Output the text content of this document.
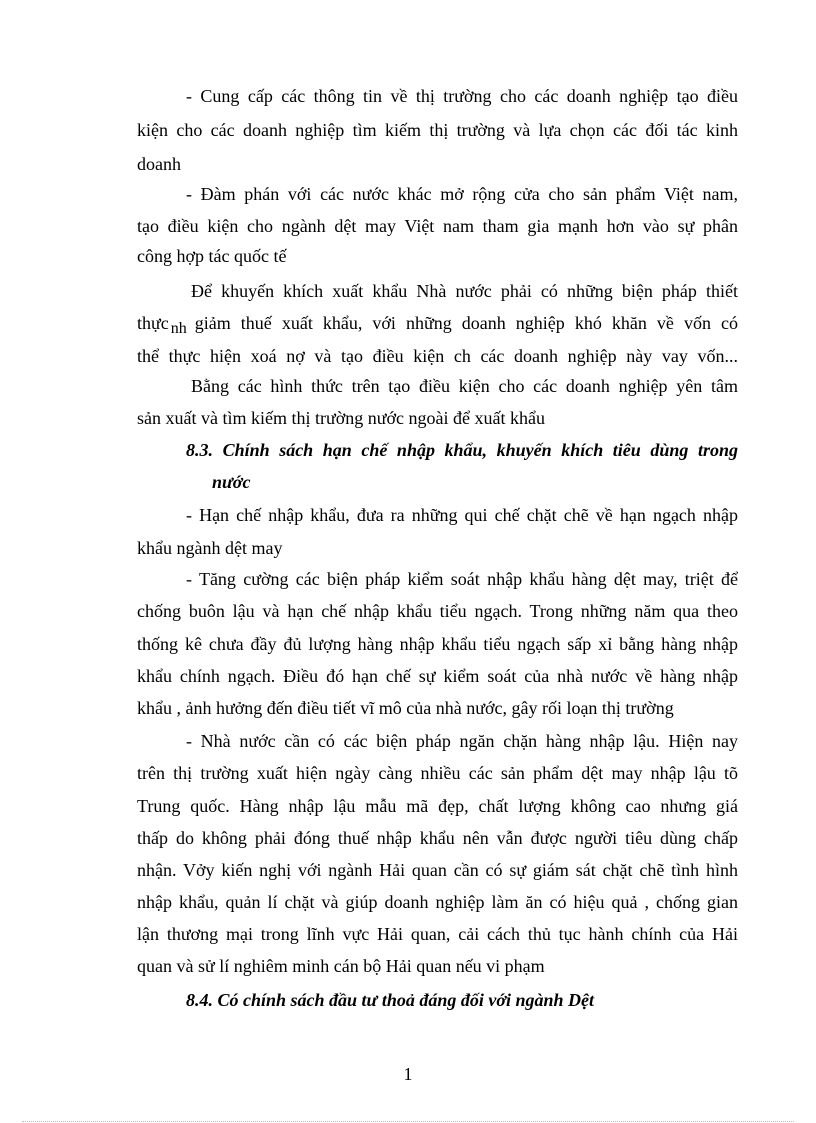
- Cung cấp các thông tin về thị trường cho các doanh nghiệp tạo điều
kiện cho các doanh nghiệp tìm kiếm thị trường và lựa chọn các đối tác kinh
doanh
- Đàm phán với các nước khác mở rộng cửa cho sản phẩm Việt nam,
tạo điều kiện cho ngành dệt may Việt nam tham gia mạnh hơn vào sự phân
công hợp tác quốc tế
Để khuyến khích xuất khẩu Nhà nước phải có những biện pháp thiết
thực nh giảm thuế xuất khẩu, với những doanh nghiệp khó khăn về vốn có
thể thực hiện xoá nợ và tạo điều kiện ch các doanh nghiệp này vay vốn...
Bằng các hình thức trên tạo điều kiện cho các doanh nghiệp yên tâm
sản xuất và tìm kiếm thị trường nước ngoài để xuất khẩu
8.3. Chính sách hạn chế nhập khẩu, khuyến khích tiêu dùng trong
nước
- Hạn chế nhập khẩu, đưa ra những qui chế chặt chẽ về hạn ngạch nhập
khẩu ngành dệt may
- Tăng cường các biện pháp kiểm soát nhập khẩu hàng dệt may, triệt để
chống buôn lậu và hạn chế nhập khẩu tiểu ngạch. Trong những năm qua theo
thống kê chưa đầy đủ lượng hàng nhập khẩu tiểu ngạch sấp xỉ bằng hàng nhập
khẩu chính ngạch. Điều đó hạn chế sự kiểm soát của nhà nước về hàng nhập
khẩu , ảnh hưởng đến điều tiết vĩ mô của nhà nước, gây rối loạn thị trường
- Nhà nước cần có các biện pháp ngăn chặn hàng nhập lậu. Hiện nay
trên thị trường xuất hiện ngày càng nhiều các sản phẩm dệt may nhập lậu tõ
Trung quốc. Hàng nhập lậu mẫu mã đẹp, chất lượng không cao nhưng giá
thấp do không phải đóng thuế nhập khẩu nên vẫn được người tiêu dùng chấp
nhận. Vởy kiến nghị với ngành Hải quan cần có sự giám sát chặt chẽ tình hình
nhập khẩu, quản lí chặt và giúp doanh nghiệp làm ăn có hiệu quả , chống gian
lận thương mại trong lĩnh vực Hải quan, cải cách thủ tục hành chính của Hải
quan và sử lí nghiêm minh cán bộ Hải quan nếu vi phạm
8.4. Có chính sách đầu tư thoả đáng đối với ngành Dệt
1
